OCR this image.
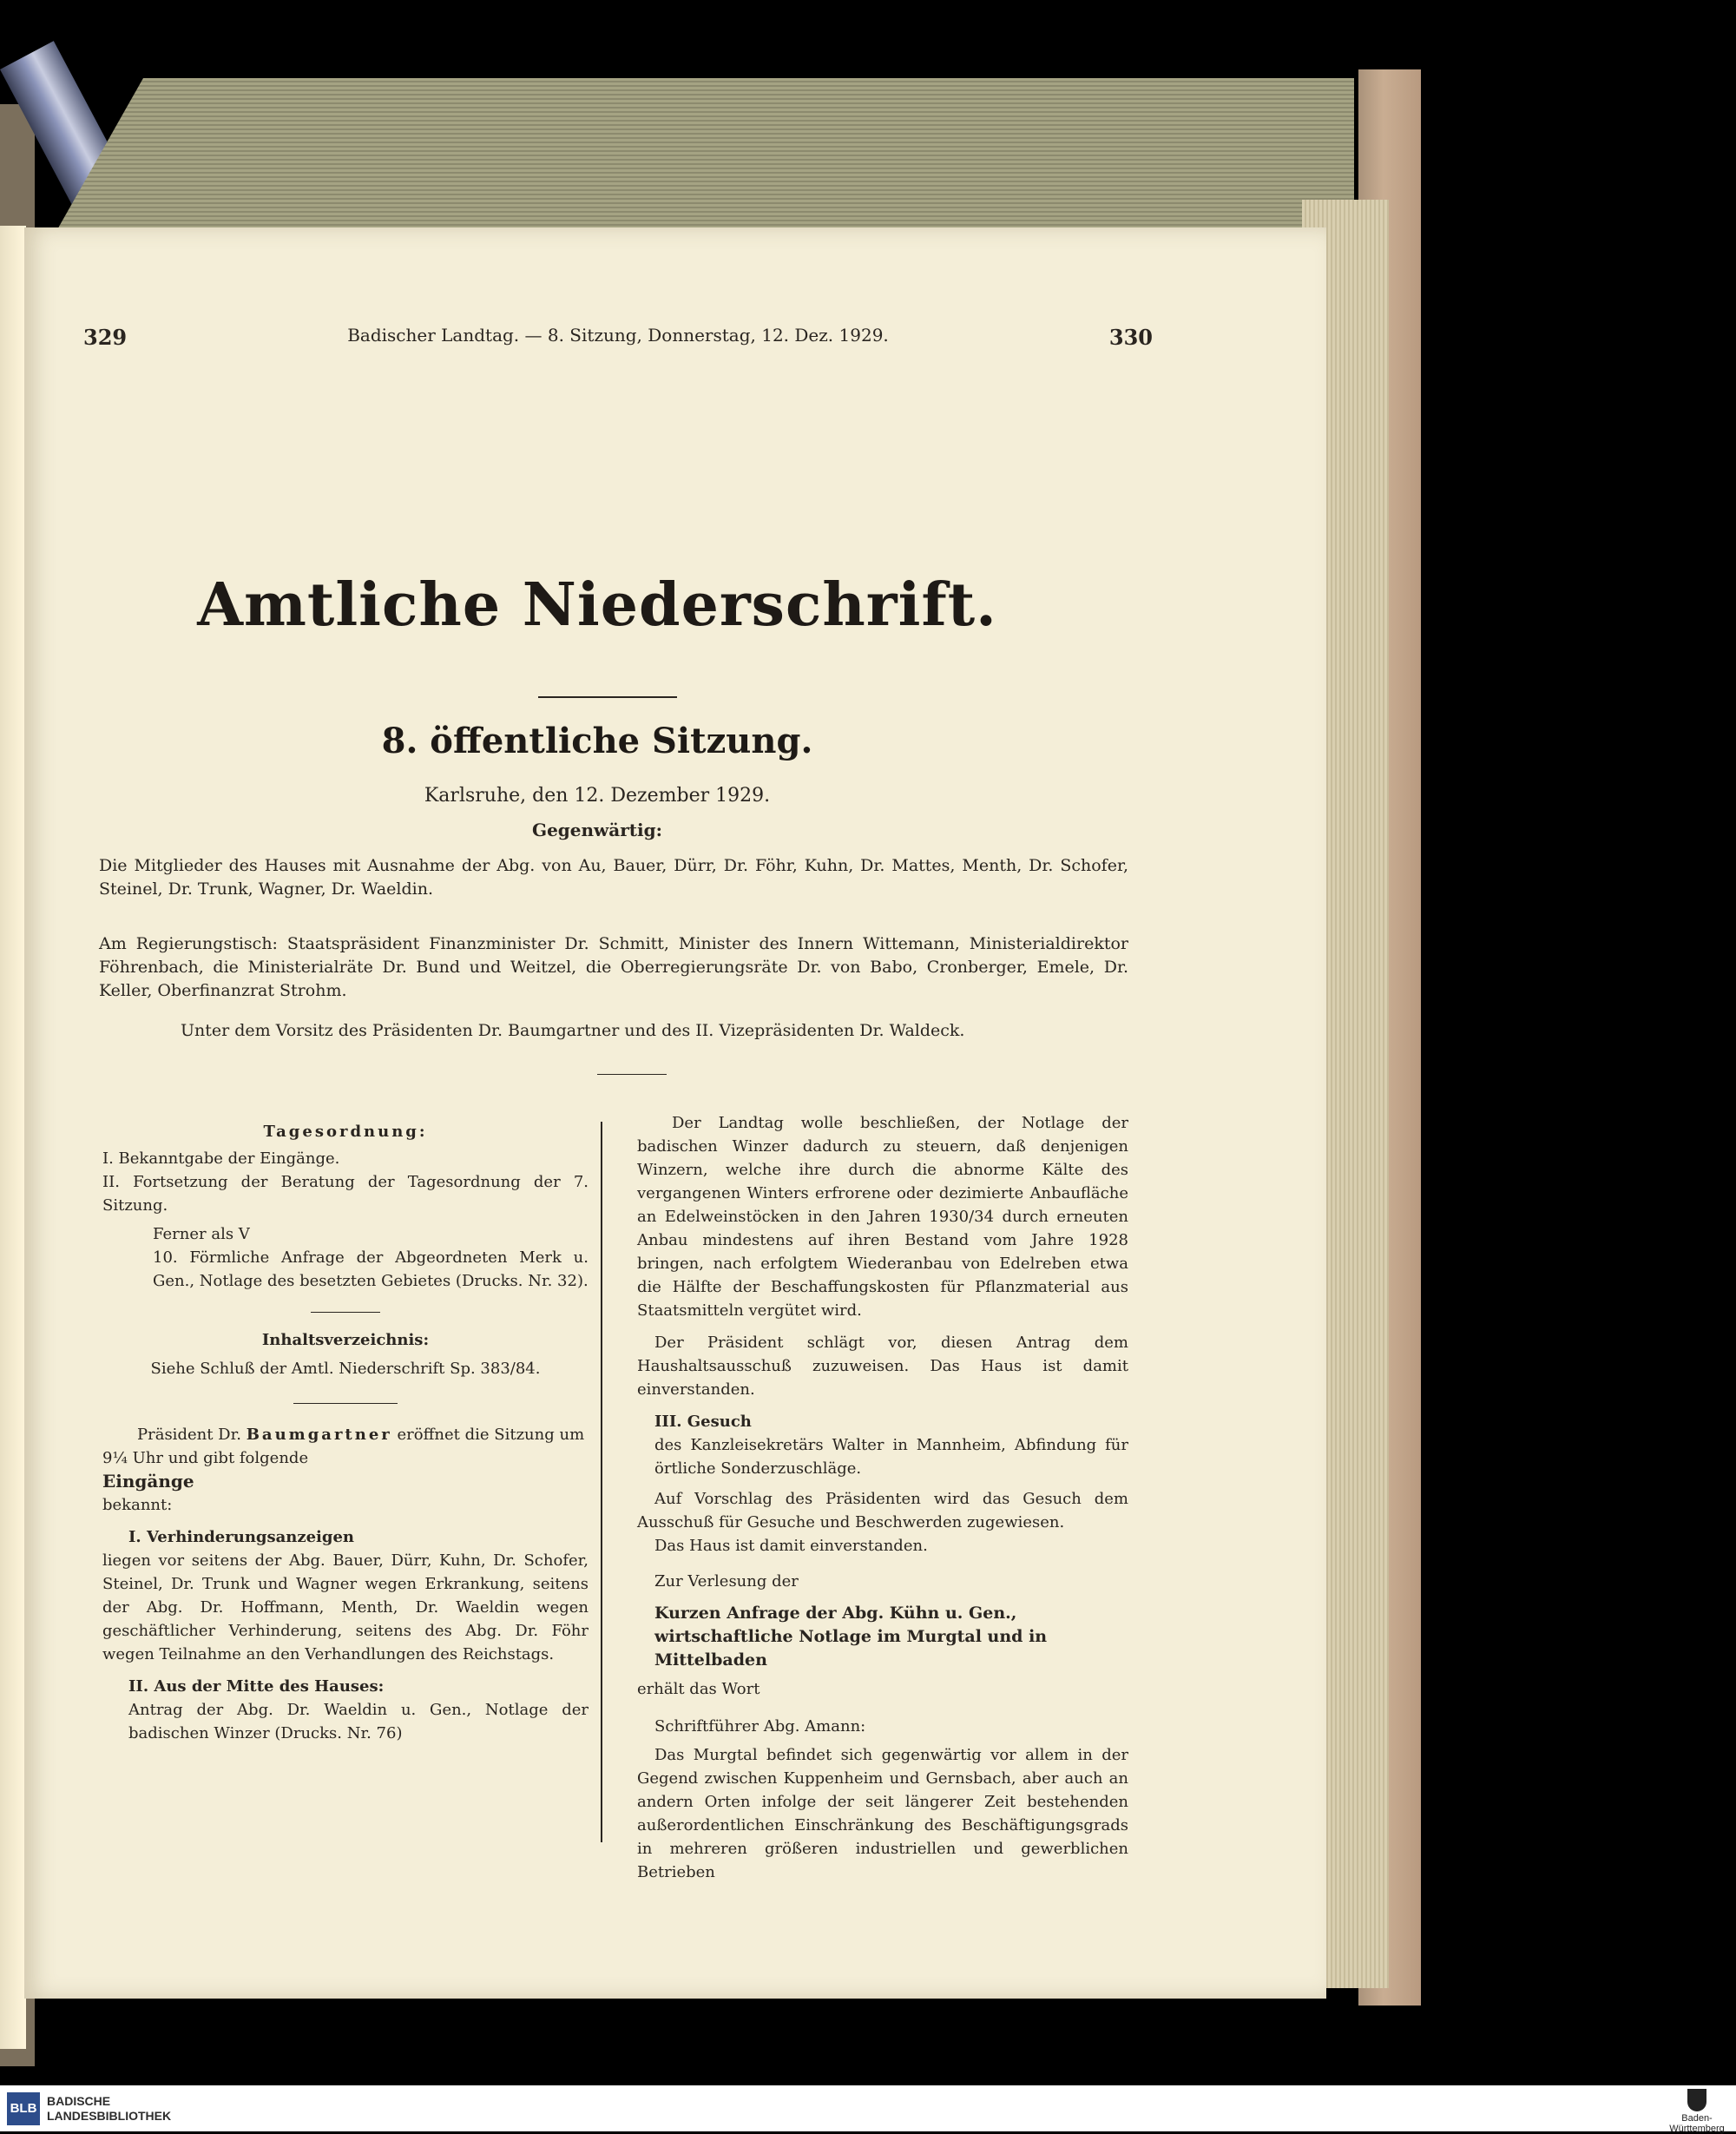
329	Badischer Landtag. — 8. Sitzung, Donnerstag, 12. Dez. 1929.	330
Amtliche Niederschrift.
8. öffentliche Sitzung.
Karlsruhe, den 12. Dezember 1929.
Gegenwärtig:
Die Mitglieder des Hauses mit Ausnahme der Abg. von Au, Bauer, Dürr, Dr. Föhr, Kuhn, Dr. Mattes, Menth, Dr. Schofer, Steinel, Dr. Trunk, Wagner, Dr. Waeldin.
Am Regierungstisch: Staatspräsident Finanzminister Dr. Schmitt, Minister des Innern Wittemann, Ministerialdirektor Föhrenbach, die Ministerialräte Dr. Bund und Weitzel, die Oberregierungsräte Dr. von Babo, Cronberger, Emele, Dr. Keller, Oberfinanzrat Strohm.
Unter dem Vorsitz des Präsidenten Dr. Baumgartner und des II. Vizepräsidenten Dr. Waldeck.

Tagesordnung:

I. Bekanntgabe der Eingänge.

II. Fortsetzung der Beratung der Tagesordnung der 7. Sitzung.

Ferner als V

10. Förmliche Anfrage der Abgeordneten Merk u. Gen., Notlage des besetzten Gebietes (Drucks. Nr. 32).

Inhaltsverzeichnis:

Siehe Schluß der Amtl. Niederschrift Sp. 383/84.

Präsident Dr. Baumgartner eröffnet die Sitzung um

9¼ Uhr und gibt folgende

Eingänge

bekannt:

I. Verhinderungsanzeigen

liegen vor seitens der Abg. Bauer, Dürr, Kuhn, Dr. Schofer, Steinel, Dr. Trunk und Wagner wegen Erkrankung, seitens der Abg. Dr. Hoffmann, Menth, Dr. Waeldin wegen geschäftlicher Verhinderung, seitens des Abg. Dr. Föhr wegen Teilnahme an den Verhandlungen des Reichstags.

II. Aus der Mitte des Hauses:

Antrag der Abg. Dr. Waeldin u. Gen., Notlage der badischen Winzer (Drucks. Nr. 76)

Der Landtag wolle beschließen, der Notlage der badischen Winzer dadurch zu steuern, daß denjenigen Winzern, welche ihre durch die abnorme Kälte des vergangenen Winters erfrorene oder dezimierte Anbaufläche an Edelweinstöcken in den Jahren 1930/34 durch erneuten Anbau mindestens auf ihren Bestand vom Jahre 1928 bringen, nach erfolgtem Wiederanbau von Edelreben etwa die Hälfte der Beschaffungskosten für Pflanzmaterial aus Staatsmitteln vergütet wird.

Der Präsident schlägt vor, diesen Antrag dem Haushaltsausschuß zuzuweisen. Das Haus ist damit einverstanden.

III. Gesuch

des Kanzleisekretärs Walter in Mannheim, Abfindung für örtliche Sonderzuschläge.

Auf Vorschlag des Präsidenten wird das Gesuch dem Ausschuß für Gesuche und Beschwerden zugewiesen.

Das Haus ist damit einverstanden.

Zur Verlesung der

Kurzen Anfrage der Abg. Kühn u. Gen., wirtschaftliche Notlage im Murgtal und in Mittelbaden

erhält das Wort

Schriftführer Abg. Amann:

Das Murgtal befindet sich gegenwärtig vor allem in der Gegend zwischen Kuppenheim und Gernsbach, aber auch an andern Orten infolge der seit längerer Zeit bestehenden außerordentlichen Einschränkung des Beschäftigungsgrads in mehreren größeren industriellen und gewerblichen Betrieben

BLB BADISCHE
LANDESBIBLIOTHEK	Baden-Württemberg
